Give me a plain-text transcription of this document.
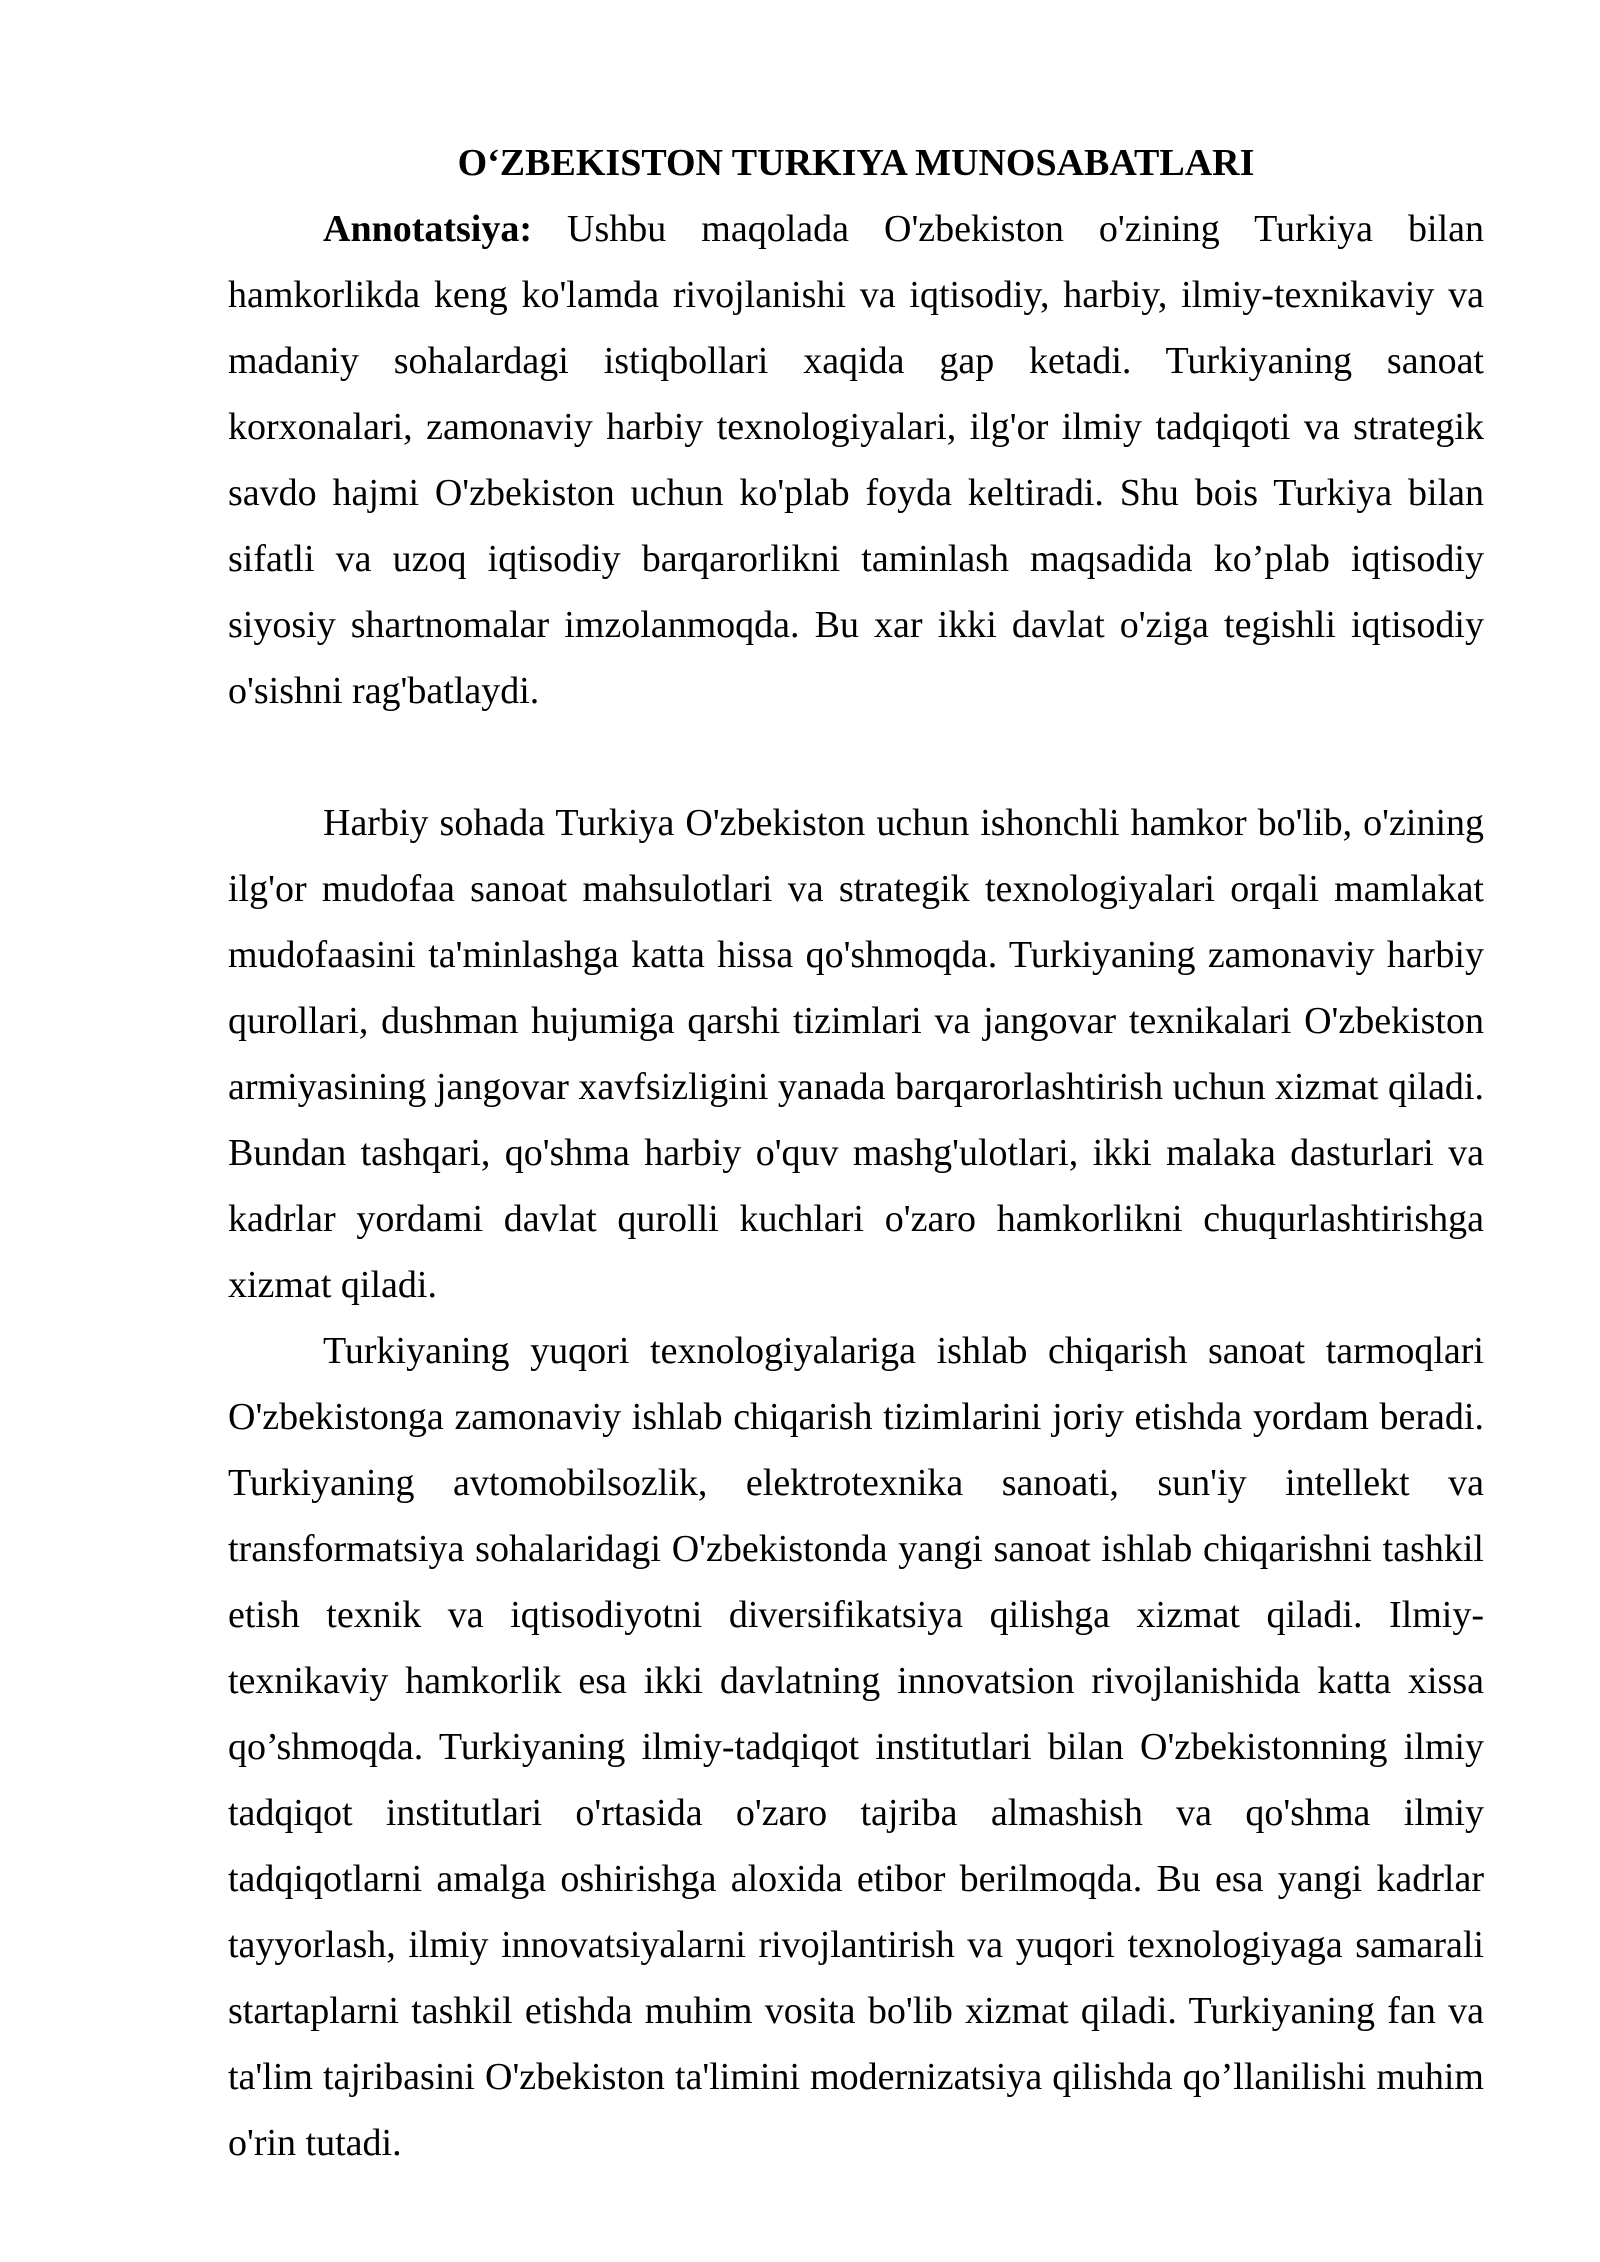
O‘ZBEKISTON TURKIYA MUNOSABATLARI

Annotatsiya: Ushbu maqolada O'zbekiston o'zining Turkiya bilan hamkorlikda keng ko'lamda rivojlanishi va iqtisodiy, harbiy, ilmiy-texnikaviy va madaniy sohalardagi istiqbollari xaqida gap ketadi. Turkiyaning sanoat korxonalari, zamonaviy harbiy texnologiyalari, ilg'or ilmiy tadqiqoti va strategik savdo hajmi O'zbekiston uchun ko'plab foyda keltiradi. Shu bois Turkiya bilan sifatli va uzoq iqtisodiy barqarorlikni taminlash maqsadida ko’plab iqtisodiy siyosiy shartnomalar imzolanmoqda. Bu xar ikki davlat o'ziga tegishli iqtisodiy o'sishni rag'batlaydi.

Harbiy sohada Turkiya O'zbekiston uchun ishonchli hamkor bo'lib, o'zining ilg'or mudofaa sanoat mahsulotlari va strategik texnologiyalari orqali mamlakat mudofaasini ta'minlashga katta hissa qo'shmoqda. Turkiyaning zamonaviy harbiy qurollari, dushman hujumiga qarshi tizimlari va jangovar texnikalari O'zbekiston armiyasining jangovar xavfsizligini yanada barqarorlashtirish uchun xizmat qiladi. Bundan tashqari, qo'shma harbiy o'quv mashg'ulotlari, ikki malaka dasturlari va kadrlar yordami davlat qurolli kuchlari o'zaro hamkorlikni chuqurlashtirishga xizmat qiladi.

Turkiyaning yuqori texnologiyalariga ishlab chiqarish sanoat tarmoqlari O'zbekistonga zamonaviy ishlab chiqarish tizimlarini joriy etishda yordam beradi. Turkiyaning avtomobilsozlik, elektrotexnika sanoati, sun'iy intellekt va transformatsiya sohalaridagi O'zbekistonda yangi sanoat ishlab chiqarishni tashkil etish texnik va iqtisodiyotni diversifikatsiya qilishga xizmat qiladi. Ilmiy-texnikaviy hamkorlik esa ikki davlatning innovatsion rivojlanishida katta xissa qo’shmoqda. Turkiyaning ilmiy-tadqiqot institutlari bilan O'zbekistonning ilmiy tadqiqot institutlari o'rtasida o'zaro tajriba almashish va qo'shma ilmiy tadqiqotlarni amalga oshirishga aloxida etibor berilmoqda. Bu esa yangi kadrlar tayyorlash, ilmiy innovatsiyalarni rivojlantirish va yuqori texnologiyaga samarali startaplarni tashkil etishda muhim vosita bo'lib xizmat qiladi. Turkiyaning fan va ta'lim tajribasini O'zbekiston ta'limini modernizatsiya qilishda qo’llanilishi muhim o'rin tutadi.
